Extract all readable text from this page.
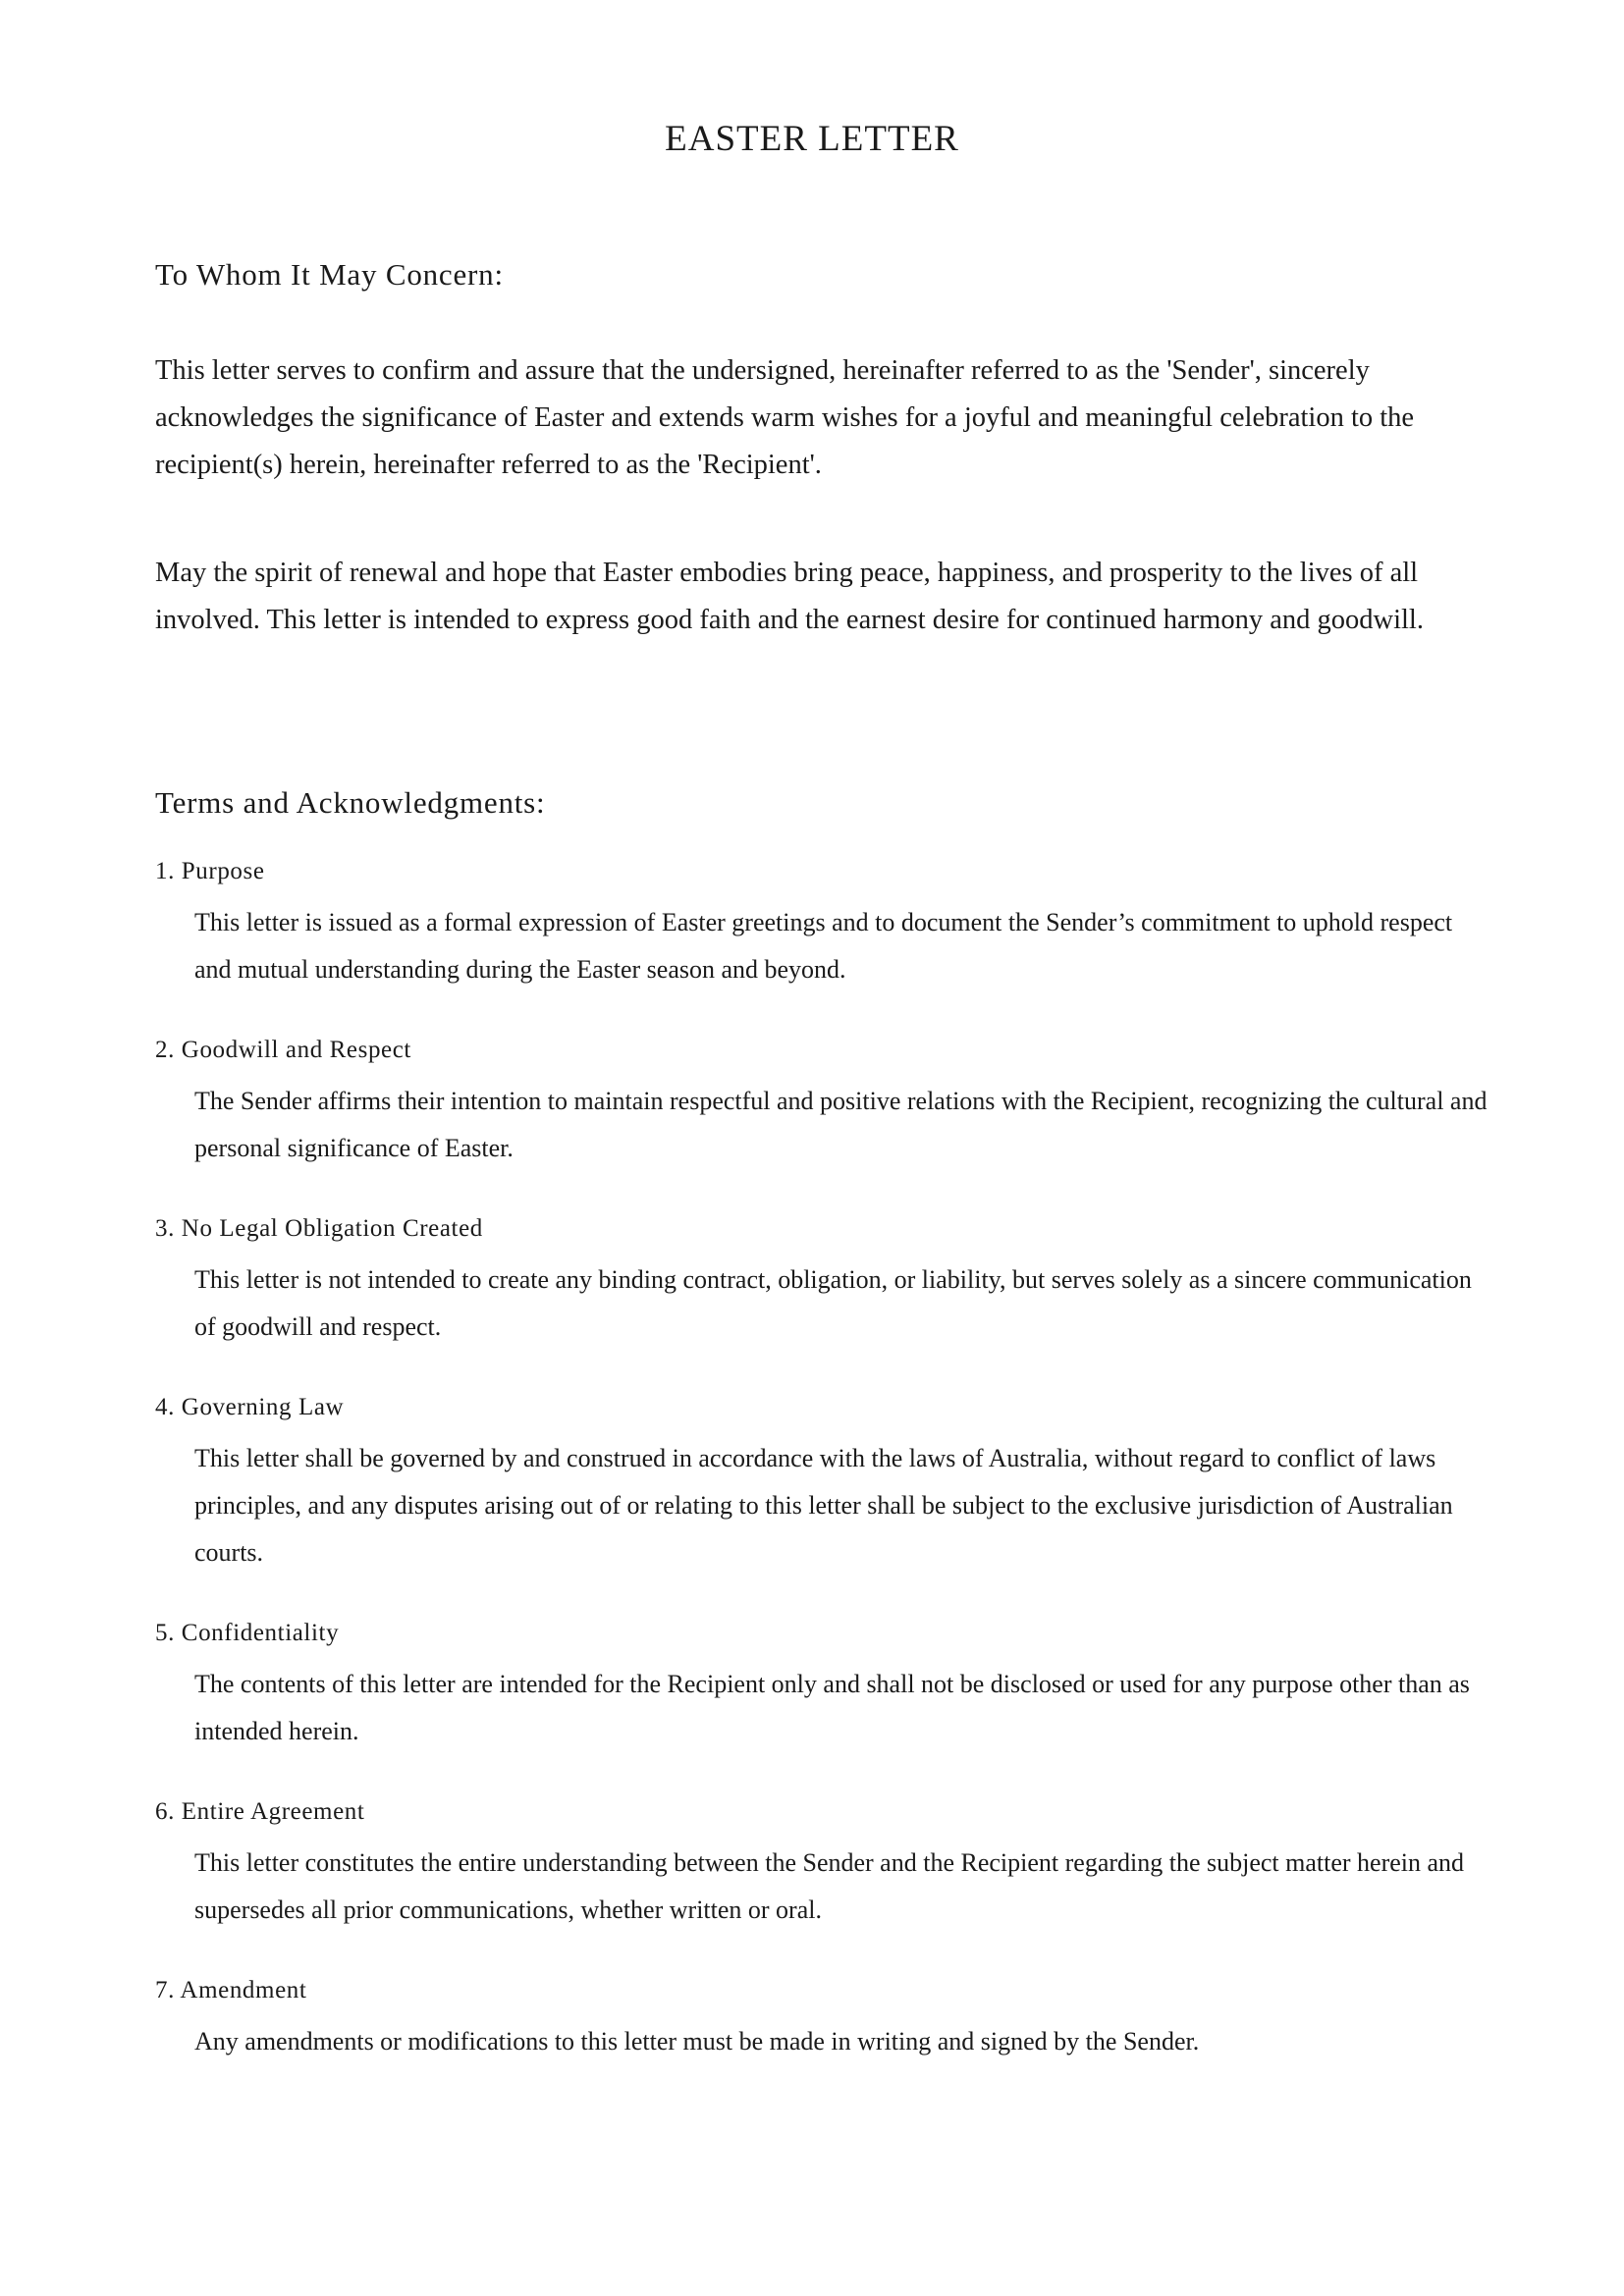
EASTER LETTER

To Whom It May Concern:

This letter serves to confirm and assure that the undersigned, hereinafter referred to as the 'Sender', sincerely acknowledges the significance of Easter and extends warm wishes for a joyful and meaningful celebration to the recipient(s) herein, hereinafter referred to as the 'Recipient'.

May the spirit of renewal and hope that Easter embodies bring peace, happiness, and prosperity to the lives of all involved. This letter is intended to express good faith and the earnest desire for continued harmony and goodwill.

Terms and Acknowledgments:

1. Purpose

This letter is issued as a formal expression of Easter greetings and to document the Sender’s commitment to uphold respect and mutual understanding during the Easter season and beyond.

2. Goodwill and Respect

The Sender affirms their intention to maintain respectful and positive relations with the Recipient, recognizing the cultural and personal significance of Easter.

3. No Legal Obligation Created

This letter is not intended to create any binding contract, obligation, or liability, but serves solely as a sincere communication of goodwill and respect.

4. Governing Law

This letter shall be governed by and construed in accordance with the laws of Australia, without regard to conflict of laws principles, and any disputes arising out of or relating to this letter shall be subject to the exclusive jurisdiction of Australian courts.

5. Confidentiality

The contents of this letter are intended for the Recipient only and shall not be disclosed or used for any purpose other than as intended herein.

6. Entire Agreement

This letter constitutes the entire understanding between the Sender and the Recipient regarding the subject matter herein and supersedes all prior communications, whether written or oral.

7. Amendment

Any amendments or modifications to this letter must be made in writing and signed by the Sender.
